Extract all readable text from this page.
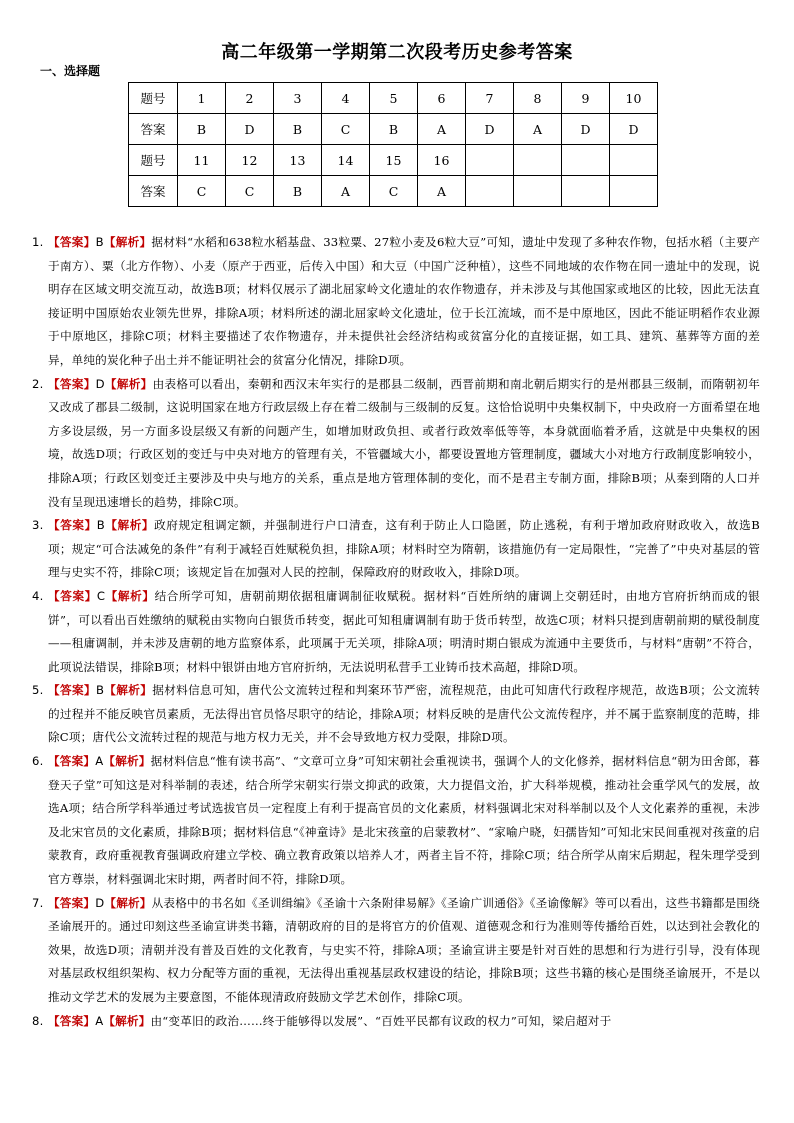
高二年级第一学期第二次段考历史参考答案
一、选择题
题号	1	2	3	4	5	6	7	8	9	10
答案	B	D	B	C	B	A	D	A	D	D
题号	11	12	13	14	15	16				
答案	C	C	B	A	C	A				
1. 【答案】B【解析】据材料“水稻和638粒水稻基盘、33粒粟、27粒小麦及6粒大豆”可知，遗址中发现了多种农作物，包括水稻（主要产于南方）、粟（北方作物）、小麦（原产于西亚，后传入中国）和大豆（中国广泛种植），这些不同地域的农作物在同一遗址中的发现，说明存在区域文明交流互动，故选B项；材料仅展示了湖北屈家岭文化遗址的农作物遗存，并未涉及与其他国家或地区的比较，因此无法直接证明中国原始农业领先世界，排除A项；材料所述的湖北屈家岭文化遗址，位于长江流域，而不是中原地区，因此不能证明稻作农业源于中原地区，排除C项；材料主要描述了农作物遗存，并未提供社会经济结构或贫富分化的直接证据，如工具、建筑、墓葬等方面的差异，单纯的炭化种子出土并不能证明社会的贫富分化情况，排除D项。
2. 【答案】D【解析】由表格可以看出，秦朝和西汉末年实行的是郡县二级制，西晋前期和南北朝后期实行的是州郡县三级制，而隋朝初年又改成了郡县二级制，这说明国家在地方行政层级上存在着二级制与三级制的反复。这恰恰说明中央集权制下，中央政府一方面希望在地方多设层级，另一方面多设层级又有新的问题产生，如增加财政负担、或者行政效率低等等，本身就面临着矛盾，这就是中央集权的困境，故选D项；行政区划的变迁与中央对地方的管理有关，不管疆域大小，都要设置地方管理制度，疆域大小对地方行政制度影响较小，排除A项；行政区划变迁主要涉及中央与地方的关系，重点是地方管理体制的变化，而不是君主专制方面，排除B项；从秦到隋的人口并没有呈现迅速增长的趋势，排除C项。
3. 【答案】B【解析】政府规定租调定额，并强制进行户口清查，这有利于防止人口隐匿，防止逃税，有利于增加政府财政收入，故选B项；规定“可合法减免的条件”有利于减轻百姓赋税负担，排除A项；材料时空为隋朝，该措施仍有一定局限性，“完善了”中央对基层的管理与史实不符，排除C项；该规定旨在加强对人民的控制，保障政府的财政收入，排除D项。
4. 【答案】C【解析】结合所学可知，唐朝前期依据租庸调制征收赋税。据材料“百姓所纳的庸调上交朝廷时，由地方官府折纳而成的银饼”，可以看出百姓缴纳的赋税由实物向白银货币转变，据此可知租庸调制有助于货币转型，故选C项；材料只提到唐朝前期的赋役制度——租庸调制，并未涉及唐朝的地方监察体系，此项属于无关项，排除A项；明清时期白银成为流通中主要货币，与材料“唐朝”不符合，此项说法错误，排除B项；材料中银饼由地方官府折纳，无法说明私营手工业铸币技术高超，排除D项。
5. 【答案】B【解析】据材料信息可知，唐代公文流转过程和判案环节严密，流程规范，由此可知唐代行政程序规范，故选B项；公文流转的过程并不能反映官员素质，无法得出官员恪尽职守的结论，排除A项；材料反映的是唐代公文流传程序，并不属于监察制度的范畴，排除C项；唐代公文流转过程的规范与地方权力无关，并不会导致地方权力受限，排除D项。
6. 【答案】A【解析】据材料信息“惟有读书高”、“文章可立身”可知宋朝社会重视读书，强调个人的文化修养，据材料信息“朝为田舍郎，暮登天子堂”可知这是对科举制的表述，结合所学宋朝实行崇文抑武的政策，大力提倡文治，扩大科举规模，推动社会重学风气的发展，故选A项；结合所学科举通过考试选拔官员一定程度上有利于提高官员的文化素质，材料强调北宋对科举制以及个人文化素养的重视，未涉及北宋官员的文化素质，排除B项；据材料信息“《神童诗》是北宋孩童的启蒙教材”、“家喻户晓，妇孺皆知”可知北宋民间重视对孩童的启蒙教育，政府重视教育强调政府建立学校、确立教育政策以培养人才，两者主旨不符，排除C项；结合所学从南宋后期起，程朱理学受到官方尊崇，材料强调北宋时期，两者时间不符，排除D项。
7. 【答案】D【解析】从表格中的书名如《圣训缉编》《圣谕十六条附律易解》《圣谕广训通俗》《圣谕像解》等可以看出，这些书籍都是围绕圣谕展开的。通过印刻这些圣谕宣讲类书籍，清朝政府的目的是将官方的价值观、道德观念和行为准则等传播给百姓，以达到社会教化的效果，故选D项；清朝并没有普及百姓的文化教育，与史实不符，排除A项；圣谕宣讲主要是针对百姓的思想和行为进行引导，没有体现对基层政权组织架构、权力分配等方面的重视，无法得出重视基层政权建设的结论，排除B项；这些书籍的核心是围绕圣谕展开，不是以推动文学艺术的发展为主要意图，不能体现清政府鼓励文学艺术创作，排除C项。
8. 【答案】A【解析】由“变革旧的政治……终于能够得以发展”、“百姓平民都有议政的权力”可知，梁启超对于
